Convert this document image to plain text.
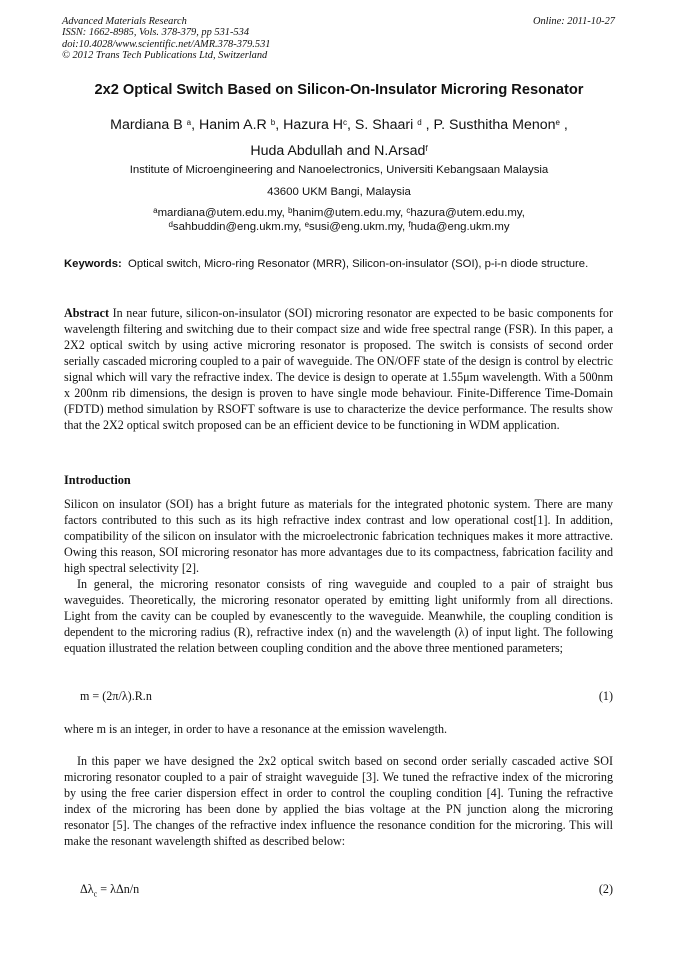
Advanced Materials Research
ISSN: 1662-8985, Vols. 378-379, pp 531-534
doi:10.4028/www.scientific.net/AMR.378-379.531
© 2012 Trans Tech Publications Ltd, Switzerland
Online: 2011-10-27
2x2 Optical Switch Based on Silicon-On-Insulator Microring Resonator
Mardiana B $^a$, Hanim A.R $^b$, Hazura $H^c$, S. Shaari $^d$ , P. Susthitha Menon$^e$ ,
Huda Abdullah and N.Arsad$^f$
Institute of Microengineering and Nanoelectronics, Universiti Kebangsaan Malaysia
43600 UKM Bangi, Malaysia
$^a$mardiana@utem.edu.my, $^b$hanim@utem.edu.my, $^c$hazura@utem.edu.my,
$^d$sahbuddin@eng.ukm.my, $^e$susi@eng.ukm.my, $^f$huda@eng.ukm.my
Keywords: Optical switch, Micro-ring Resonator (MRR), Silicon-on-insulator (SOI), p-i-n diode structure.
Abstract In near future, silicon-on-insulator (SOI) microring resonator are expected to be basic components for wavelength filtering and switching due to their compact size and wide free spectral range (FSR). In this paper, a 2X2 optical switch by using active microring resonator is proposed. The switch is consists of second order serially cascaded microring coupled to a pair of waveguide. The ON/OFF state of the design is control by electric signal which will vary the refractive index. The device is design to operate at 1.55μm wavelength. With a 500nm x 200nm rib dimensions, the design is proven to have single mode behaviour. Finite-Difference Time-Domain (FDTD) method simulation by RSOFT software is use to characterize the device performance. The results show that the 2X2 optical switch proposed can be an efficient device to be functioning in WDM application.
Introduction

Silicon on insulator (SOI) has a bright future as materials for the integrated photonic system. There are many factors contributed to this such as its high refractive index contrast and low operational cost[1]. In addition, compatibility of the silicon on insulator with the microelectronic fabrication techniques makes it more attractive. Owing this reason, SOI microring resonator has more advantages due to its compactness, fabrication facility and high spectral selectivity [2].

In general, the microring resonator consists of ring waveguide and coupled to a pair of straight bus waveguides. Theoretically, the microring resonator operated by emitting light uniformly from all directions. Light from the cavity can be coupled by evanescently to the waveguide. Meanwhile, the coupling condition is dependent to the microring radius (R), refractive index (n) and the wavelength (λ) of input light. The following equation illustrated the relation between coupling condition and the above three mentioned parameters;

m = (2π/λ).R.n	(1)
where m is an integer, in order to have a resonance at the emission wavelength.

In this paper we have designed the 2x2 optical switch based on second order serially cascaded active SOI microring resonator coupled to a pair of straight waveguide [3]. We tuned the refractive index of the microring by using the free carier dispersion effect in order to control the coupling condition [4]. Tuning the refractive index of the microring has been done by applied the bias voltage at the PN junction along the microring resonator [5]. The changes of the refractive index influence the resonance condition for the microring. This will make the resonant wavelength shifted as described below:

$\Delta\lambda_c = \lambda\Delta n/n$	(2)
